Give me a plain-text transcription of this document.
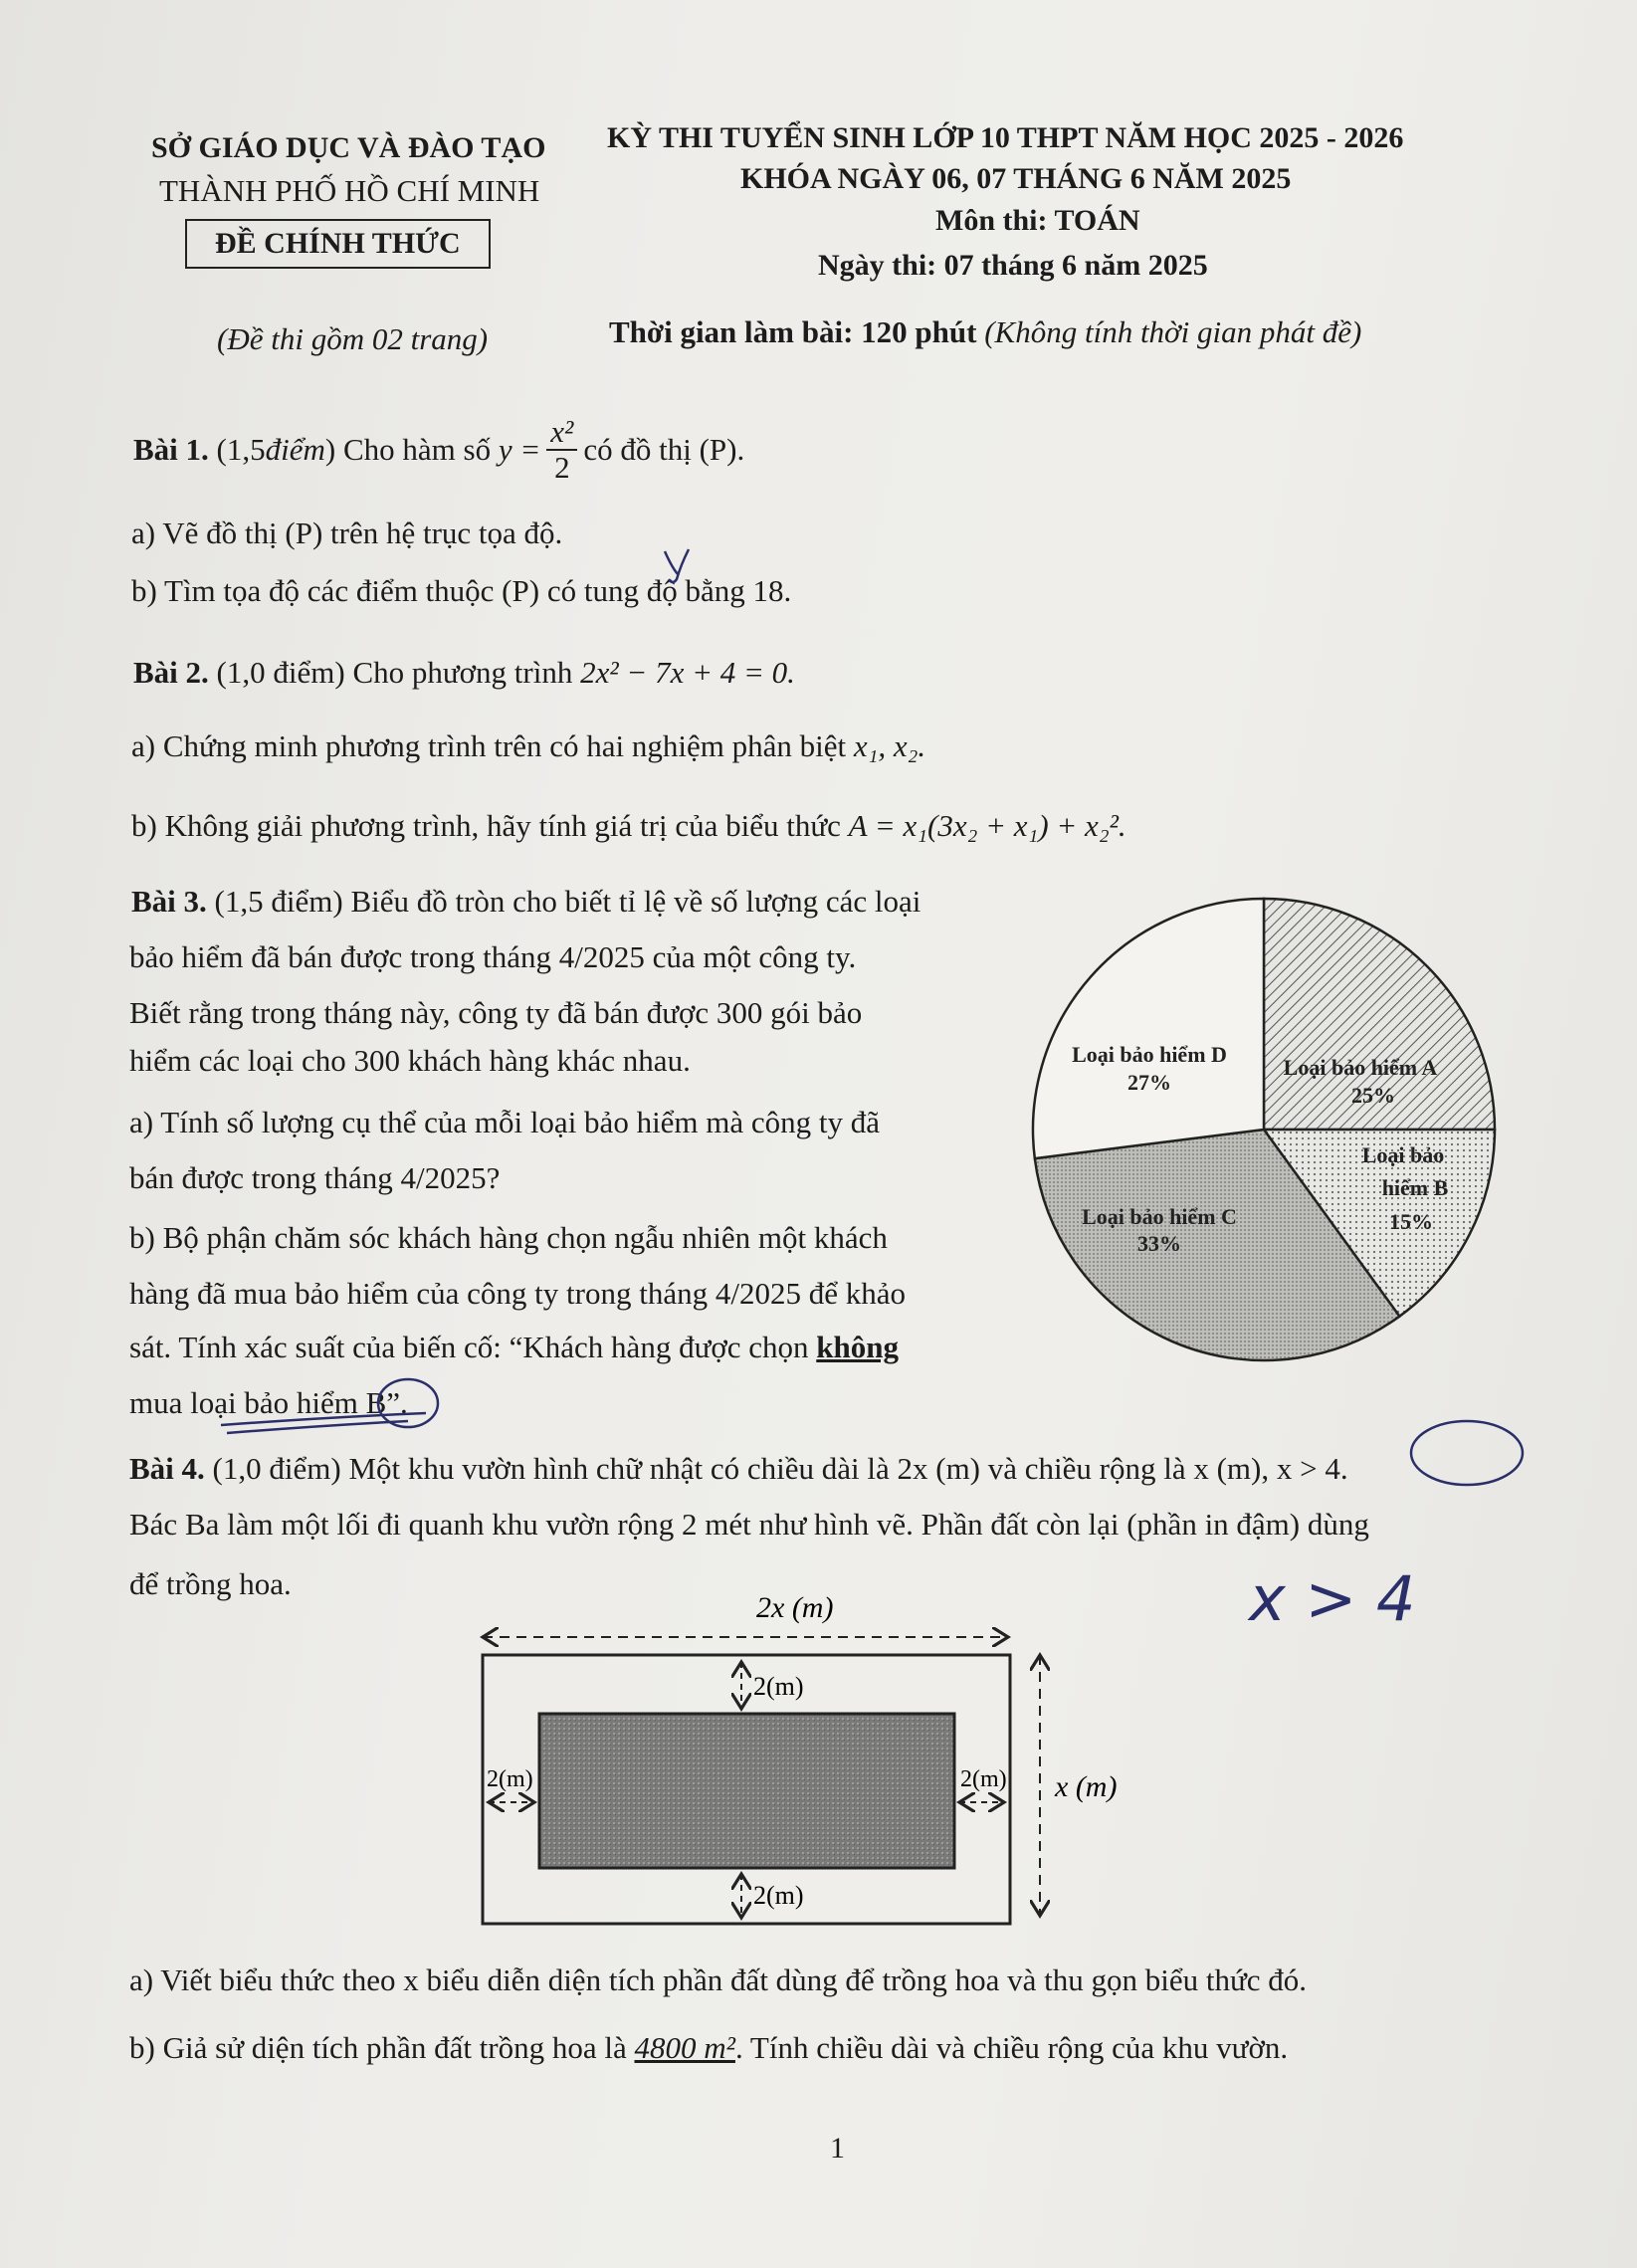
SỞ GIÁO DỤC VÀ ĐÀO TẠO
THÀNH PHỐ HỒ CHÍ MINH
ĐỀ CHÍNH THỨC
KỲ THI TUYỂN SINH LỚP 10 THPT NĂM HỌC 2025 - 2026
KHÓA NGÀY 06, 07 THÁNG 6 NĂM 2025
Môn thi: TOÁN
Ngày thi: 07 tháng 6 năm 2025
(Đề thi gồm 02 trang)	Thời gian làm bài: 120 phút (Không tính thời gian phát đề)
Bài 1.
(1,5 điểm )
Cho hàm số
$y = \frac{\text{x²}}{2}$ có đồ thị (P).
a) Vẽ đồ thị (P) trên hệ trục tọa độ.
b) Tìm tọa độ các điểm thuộc (P) có tung độ bằng 18.
Bài 2. (1,0 điểm) Cho phương trình 2x² − 7x + 4 = 0.
a) Chứng minh phương trình trên có hai nghiệm phân biệt x₁, x₂.
b) Không giải phương trình, hãy tính giá trị của biểu thức A = x₁(3x₂ + x₁) + x₂².
Bài 3. (1,5 điểm) Biểu đồ tròn cho biết tỉ lệ về số lượng các loại
bảo hiểm đã bán được trong tháng 4/2025 của một công ty.
Biết rằng trong tháng này, công ty đã bán được 300 gói bảo
hiểm các loại cho 300 khách hàng khác nhau.
a) Tính số lượng cụ thể của mỗi loại bảo hiểm mà công ty đã
bán được trong tháng 4/2025?
b) Bộ phận chăm sóc khách hàng chọn ngẫu nhiên một khách
hàng đã mua bảo hiểm của công ty trong tháng 4/2025 để khảo
sát. Tính xác suất của biến cố: “Khách hàng được chọn không
mua loại bảo hiểm B”.
Loại bảo hiểm A
25%
Loại bảo
hiểm B
15%
Loại bảo hiểm C
33%
Loại bảo hiểm D
27%
Bài 4. (1,0 điểm) Một khu vườn hình chữ nhật có chiều dài là 2x (m) và chiều rộng là x (m), x > 4.
Bác Ba làm một lối đi quanh khu vườn rộng 2 mét như hình vẽ. Phần đất còn lại (phần in đậm) dùng
để trồng hoa.	x > 4
2x (m)
x (m)
2(m)
2(m)
2(m)	2(m)
a) Viết biểu thức theo x biểu diễn diện tích phần đất dùng để trồng hoa và thu gọn biểu thức đó.
b) Giả sử diện tích phần đất trồng hoa là 4800 m². Tính chiều dài và chiều rộng của khu vườn.
1
